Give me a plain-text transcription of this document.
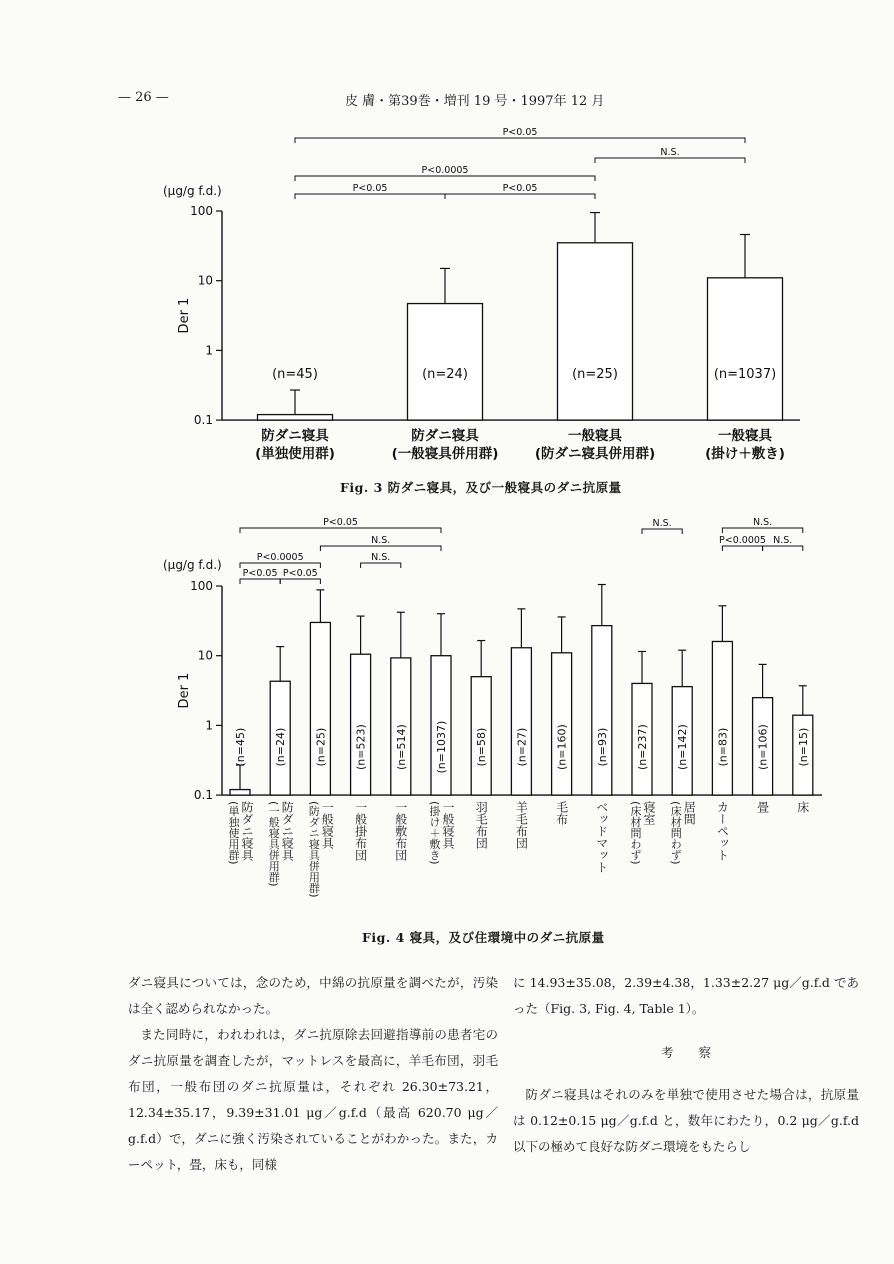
— 26 —	皮 膚・第39巻・増刊 19 号・1997年 12 月
0.1
1
10
100
Der 1
(μg/g f.d.)
P<0.05
N.S.
P<0.0005
P<0.05	P<0.05
(n=45)
防ダニ寝具
(単独使用群)
(n=24)
防ダニ寝具
(一般寝具併用群)
(n=25)
一般寝具
(防ダニ寝具併用群)
(n=1037)
一般寝具
(掛け＋敷き)
Fig. 3 防ダニ寝具，及び一般寝具のダニ抗原量
0.1
1
10
100
Der 1
(μg/g f.d.)
P<0.05
N.S.
P<0.0005
P<0.05 P<0.05
N.S.
N.S.	N.S.
P<0.0005 N.S.
(n=45) (n=24) (n=25) (n=523) (n=514) (n=1037) (n=58) (n=27) (n=160) (n=93) (n=237) (n=142) (n=83) (n=106) (n=15)
防ダニ寝具
(単独使用群)	防ダニ寝具
(一般寝具併用群)	一般寝具
(防ダニ寝具併用群)	一般掛布団 一般敷布団	一般寝具
(掛け＋敷き)	羽毛布団 羊毛布団 毛布 ベッドマット	寝室
(床材問わず)	居間
(床材問わず)	カーペット 畳 床
Fig. 4 寝具，及び住環境中のダニ抗原量

ダニ寝具については，念のため，中綿の抗原量を調べたが，汚染は全く認められなかった。

また同時に，われわれは，ダニ抗原除去回避指導前の患者宅のダニ抗原量を調査したが，マットレスを最高に，羊毛布団，羽毛布団，一般布団のダニ抗原量は，それぞれ 26.30±73.21，12.34±35.17，9.39±31.01 μg／g.f.d（最高 620.70 μg／g.f.d）で，ダニに強く汚染されていることがわかった。また，カーペット，畳，床も，同様

に 14.93±35.08，2.39±4.38，1.33±2.27 μg／g.f.d であった（Fig. 3, Fig. 4, Table 1）。

考　　察

防ダニ寝具はそれのみを単独で使用させた場合は，抗原量は 0.12±0.15 μg／g.f.d と，数年にわたり，0.2 μg／g.f.d 以下の極めて良好な防ダニ環境をもたらし
